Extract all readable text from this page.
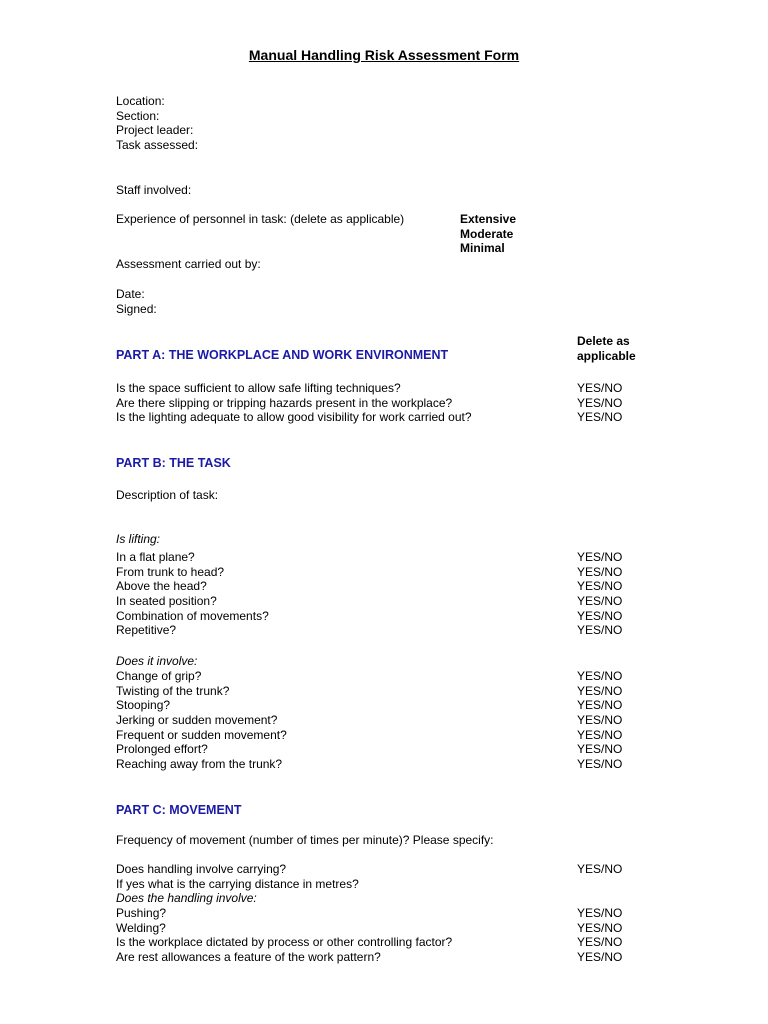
Manual Handling Risk Assessment Form
Location:
Section:
Project leader:
Task assessed:
Staff involved:
Experience of personnel in task: (delete as applicable)	Extensive
Moderate
Minimal
Assessment carried out by:
Date:
Signed:
Delete as
applicable
PART A: THE WORKPLACE AND WORK ENVIRONMENT
Is the space sufficient to allow safe lifting techniques?
Are there slipping or tripping hazards present in the workplace?
Is the lighting adequate to allow good visibility for work carried out?
YES/NO
YES/NO
YES/NO
PART B: THE TASK
Description of task:
Is lifting:
In a flat plane?
From trunk to head?
Above the head?
In seated position?
Combination of movements?
Repetitive?
YES/NO
YES/NO
YES/NO
YES/NO
YES/NO
YES/NO
Does it involve:
Change of grip?
Twisting of the trunk?
Stooping?
Jerking or sudden movement?
Frequent or sudden movement?
Prolonged effort?
Reaching away from the trunk?
YES/NO
YES/NO
YES/NO
YES/NO
YES/NO
YES/NO
YES/NO
PART C: MOVEMENT
Frequency of movement (number of times per minute)? Please specify:
Does handling involve carrying?
If yes what is the carrying distance in metres?
Does the handling involve:
Pushing?
Welding?
Is the workplace dictated by process or other controlling factor?
Are rest allowances a feature of the work pattern?
YES/NO
YES/NO
YES/NO
YES/NO
YES/NO
